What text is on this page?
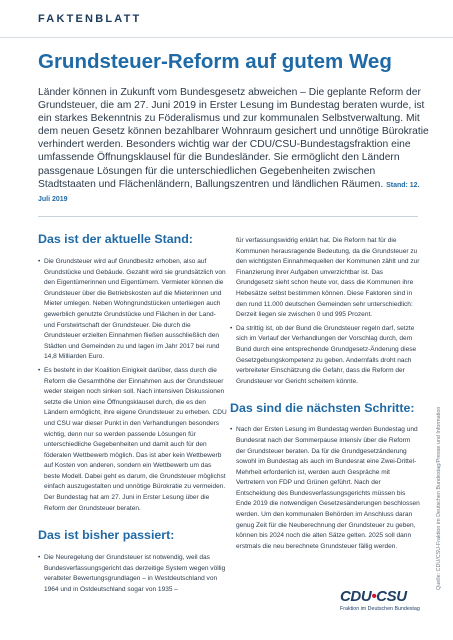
FAKTENBLATT
Grundsteuer-Reform auf gutem Weg
Länder können in Zukunft vom Bundesgesetz abweichen – Die geplante Reform der Grundsteuer, die am 27. Juni 2019 in Erster Lesung im Bundestag beraten wurde, ist ein starkes Bekenntnis zu Föderalismus und zur kommunalen Selbstverwaltung. Mit dem neuen Gesetz können bezahlbarer Wohnraum gesichert und unnötige Bürokratie verhindert werden. Besonders wichtig war der CDU/CSU-Bundestagsfraktion eine umfassende Öffnungsklausel für die Bundesländer. Sie ermöglicht den Ländern passgenaue Lösungen für die unterschiedlichen Gegebenheiten zwischen Stadtstaaten und Flächenländern, Ballungszentren und ländlichen Räumen. Stand: 12. Juli 2019
Das ist der aktuelle Stand:
• Die Grundsteuer wird auf Grundbesitz erhoben, also auf Grundstücke und Gebäude. Gezahlt wird sie grundsätzlich von den Eigentümerinnen und Eigentümern. Vermieter können die Grundsteuer über die Betriebskosten auf die Mieterinnen und Mieter umlegen. Neben Wohngrundstücken unterliegen auch gewerblich genutzte Grundstücke und Flächen in der Land- und Forstwirtschaft der Grundsteuer. Die durch die Grundsteuer erzielten Einnahmen fließen ausschließlich den Städten und Gemeinden zu und lagen im Jahr 2017 bei rund 14,8 Milliarden Euro.
• Es besteht in der Koalition Einigkeit darüber, dass durch die Reform die Gesamthöhe der Einnahmen aus der Grundsteuer weder steigen noch sinken soll. Nach intensiven Diskussionen setzte die Union eine Öffnungsklausel durch, die es den Ländern ermöglicht, ihre eigene Grundsteuer zu erheben. CDU und CSU war dieser Punkt in den Verhandlungen besonders wichtig, denn nur so werden passende Lösungen für unterschiedliche Gegebenheiten und damit auch für den föderalen Wettbewerb möglich. Das ist aber kein Wettbewerb auf Kosten von anderen, sondern ein Wettbewerb um das beste Modell. Dabei geht es darum, die Grundsteuer möglichst einfach auszugestalten und unnötige Bürokratie zu vermeiden. Der Bundestag hat am 27. Juni in Erster Lesung über die Reform der Grundsteuer beraten.
Das ist bisher passiert:
• Die Neuregelung der Grundsteuer ist notwendig, weil das Bundesverfassungsgericht das derzeitige System wegen völlig veralteter Bewertungsgrundlagen – in Westdeutschland von 1964 und in Ostdeutschland sogar von 1935 –

für verfassungswidrig erklärt hat. Die Reform hat für die Kommunen herausragende Bedeutung, da die Grundsteuer zu den wichtigsten Einnahmequellen der Kommunen zählt und zur Finanzierung ihrer Aufgaben unverzichtbar ist. Das Grundgesetz sieht schon heute vor, dass die Kommunen ihre Hebesätze selbst bestimmen können. Diese Faktoren sind in den rund 11.000 deutschen Gemeinden sehr unterschiedlich: Derzeit liegen sie zwischen 0 und 995 Prozent.

• Da strittig ist, ob der Bund die Grundsteuer regeln darf, setzte sich im Verlauf der Verhandlungen der Vorschlag durch, dem Bund durch eine entsprechende Grundgesetz-Änderung diese Gesetzgebungskompetenz zu geben. Andernfalls droht nach verbreiteter Einschätzung die Gefahr, dass die Reform der Grundsteuer vor Gericht scheitern könnte.
Das sind die nächsten Schritte:
• Nach der Ersten Lesung im Bundestag werden Bundestag und Bundesrat nach der Sommerpause intensiv über die Reform der Grundsteuer beraten. Da für die Grundgesetzänderung sowohl im Bundestag als auch im Bundesrat eine Zwei-Drittel-Mehrheit erforderlich ist, werden auch Gespräche mit Vertretern von FDP und Grünen geführt. Nach der Entscheidung des Bundesverfassungsgerichts müssen bis Ende 2019 die notwendigen Gesetzesänderungen beschlossen werden. Um den kommunalen Behörden im Anschluss daran genug Zeit für die Neuberechnung der Grundsteuer zu geben, können bis 2024 noch die alten Sätze gelten. 2025 soll dann erstmals die neu berechnete Grundsteuer fällig werden.	Quelle: CDU/CSU-Fraktion im Deutschen Bundestag/Presse und Information
CDU•CSU
Fraktion im Deutschen Bundestag
